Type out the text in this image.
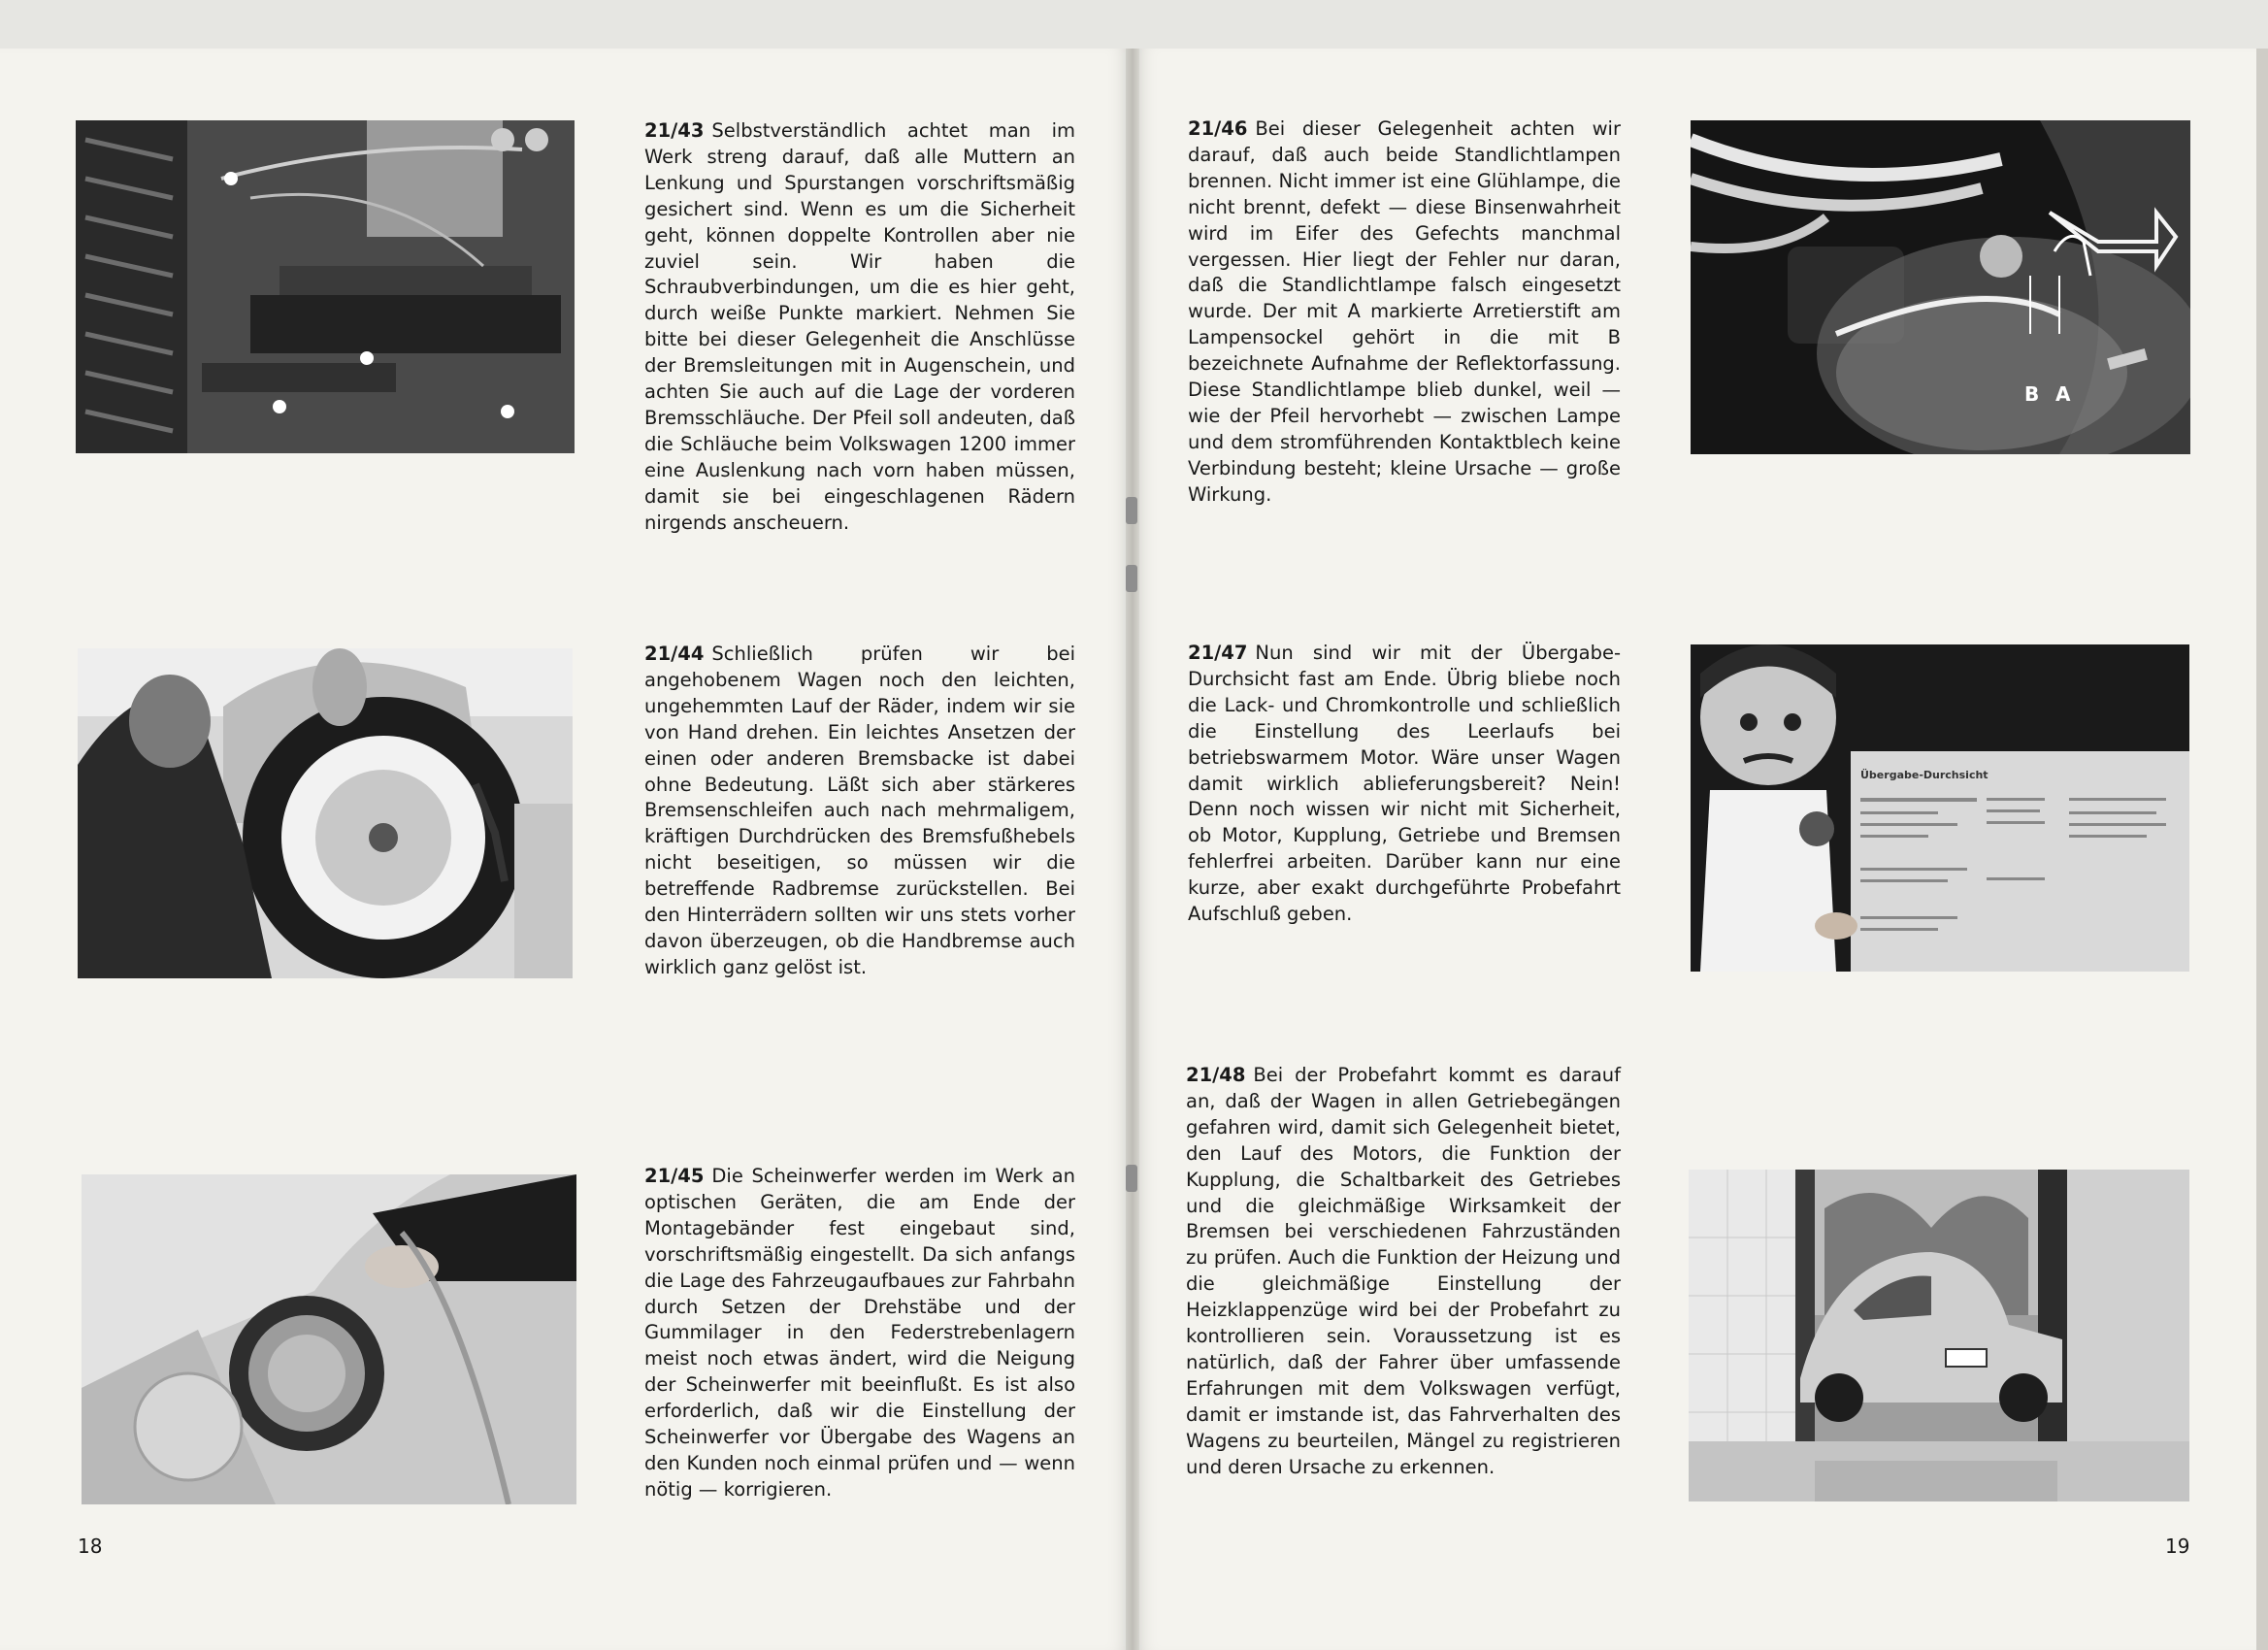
21/43 Selbstverständlich achtet man im Werk streng darauf, daß alle Muttern an Lenkung und Spurstangen vorschriftsmäßig gesichert sind. Wenn es um die Sicherheit geht, können doppelte Kontrollen aber nie zuviel sein. Wir haben die Schraubverbindungen, um die es hier geht, durch weiße Punkte markiert. Nehmen Sie bitte bei dieser Gelegenheit die Anschlüsse der Bremsleitungen mit in Augenschein, und achten Sie auch auf die Lage der vorderen Bremsschläuche. Der Pfeil soll andeuten, daß die Schläuche beim Volkswagen 1200 immer eine Auslenkung nach vorn haben müssen, damit sie bei eingeschlagenen Rädern nirgends anscheuern.
21/44 Schließlich prüfen wir bei angehobenem Wagen noch den leichten, ungehemmten Lauf der Räder, indem wir sie von Hand drehen. Ein leichtes Ansetzen der einen oder anderen Bremsbacke ist dabei ohne Bedeutung. Läßt sich aber stärkeres Bremsenschleifen auch nach mehrmaligem, kräftigen Durchdrücken des Bremsfußhebels nicht beseitigen, so müssen wir die betreffende Radbremse zurückstellen. Bei den Hinterrädern sollten wir uns stets vorher davon überzeugen, ob die Handbremse auch wirklich ganz gelöst ist.
21/45 Die Scheinwerfer werden im Werk an optischen Geräten, die am Ende der Montagebänder fest eingebaut sind, vorschriftsmäßig eingestellt. Da sich anfangs die Lage des Fahrzeugaufbaues zur Fahrbahn durch Setzen der Drehstäbe und der Gummilager in den Federstrebenlagern meist noch etwas ändert, wird die Neigung der Scheinwerfer mit beeinflußt. Es ist also erforderlich, daß wir die Einstellung der Scheinwerfer vor Übergabe des Wagens an den Kunden noch einmal prüfen und — wenn nötig — korrigieren.
18
21/46 Bei dieser Gelegenheit achten wir darauf, daß auch beide Standlichtlampen brennen. Nicht immer ist eine Glühlampe, die nicht brennt, defekt — diese Binsenwahrheit wird im Eifer des Gefechts manchmal vergessen. Hier liegt der Fehler nur daran, daß die Standlichtlampe falsch eingesetzt wurde. Der mit A markierte Arretierstift am Lampensockel gehört in die mit B bezeichnete Aufnahme der Reflektorfassung. Diese Standlichtlampe blieb dunkel, weil — wie der Pfeil hervorhebt — zwischen Lampe und dem stromführenden Kontaktblech keine Verbindung besteht; kleine Ursache — große Wirkung.
21/47 Nun sind wir mit der Übergabe-Durchsicht fast am Ende. Übrig bliebe noch die Lack- und Chromkontrolle und schließlich die Einstellung des Leerlaufs bei betriebswarmem Motor. Wäre unser Wagen damit wirklich ablieferungsbereit? Nein! Denn noch wissen wir nicht mit Sicherheit, ob Motor, Kupplung, Getriebe und Bremsen fehlerfrei arbeiten. Darüber kann nur eine kurze, aber exakt durchgeführte Probefahrt Aufschluß geben.
21/48 Bei der Probefahrt kommt es darauf an, daß der Wagen in allen Getriebegängen gefahren wird, damit sich Gelegenheit bietet, den Lauf des Motors, die Funktion der Kupplung, die Schaltbarkeit des Getriebes und die gleichmäßige Wirksamkeit der Bremsen bei verschiedenen Fahrzuständen zu prüfen. Auch die Funktion der Heizung und die gleichmäßige Einstellung der Heizklappenzüge wird bei der Probefahrt zu kontrollieren sein. Voraussetzung ist es natürlich, daß der Fahrer über umfassende Erfahrungen mit dem Volkswagen verfügt, damit er imstande ist, das Fahrverhalten des Wagens zu beurteilen, Mängel zu registrieren und deren Ursache zu erkennen.
B A
Übergabe-Durchsicht
19
